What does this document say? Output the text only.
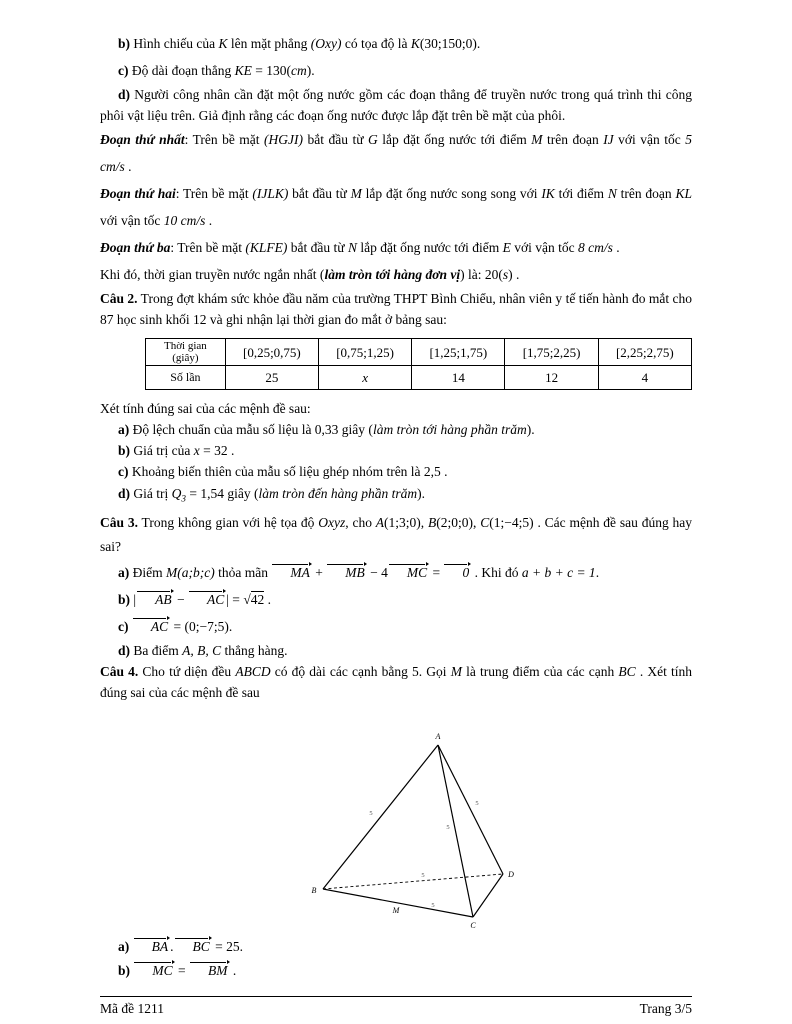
b) Hình chiếu của K lên mặt phẳng (Oxy) có tọa độ là K(30;150;0).

c) Độ dài đoạn thẳng KE = 130(cm).

d) Người công nhân cần đặt một ống nước gồm các đoạn thẳng để truyền nước trong quá trình thi công phôi vật liệu trên. Giả định rằng các đoạn ống nước được lắp đặt trên bề mặt của phôi.

Đoạn thứ nhất: Trên bề mặt (HGJI) bắt đầu từ G lắp đặt ống nước tới điểm M trên đoạn IJ với vận tốc 5 cm/s .

Đoạn thứ hai: Trên bề mặt (IJLK) bắt đầu từ M lắp đặt ống nước song song với IK tới điểm N trên đoạn KL với vận tốc 10 cm/s .

Đoạn thứ ba: Trên bề mặt (KLFE) bắt đầu từ N lắp đặt ống nước tới điểm E với vận tốc 8 cm/s .

Khi đó, thời gian truyền nước ngắn nhất (làm tròn tới hàng đơn vị) là: 20(s) .

Câu 2. Trong đợt khám sức khỏe đầu năm của trường THPT Bình Chiểu, nhân viên y tế tiến hành đo mắt cho 87 học sinh khối 12 và ghi nhận lại thời gian đo mắt ở bảng sau:

Thời gian
(giây)	[0,25;0,75)	[0,75;1,25)	[1,25;1,75)	[1,75;2,25)	[2,25;2,75)
Số lần	25	x	14	12	4

Xét tính đúng sai của các mệnh đề sau:

a) Độ lệch chuẩn của mẫu số liệu là 0,33 giây (làm tròn tới hàng phần trăm).

b) Giá trị của x = 32 .

c) Khoảng biến thiên của mẫu số liệu ghép nhóm trên là 2,5 .

d) Giá trị $Q_3 = 1,54$ giây (làm tròn đến hàng phần trăm).

Câu 3. Trong không gian với hệ tọa độ Oxyz, cho A(1;3;0), B(2;0;0), C(1;−4;5) . Các mệnh đề sau đúng hay sai?

a) Điểm M(a;b;c) thỏa mãn MA + MB − 4 MC = 0 . Khi đó a + b + c = 1.

b) | AB − AC | = √42 .

c) AC = (0;−7;5).

d) Ba điểm A, B, C thẳng hàng.

Câu 4. Cho tứ diện đều ABCD có độ dài các cạnh bằng 5. Gọi M là trung điểm của các cạnh BC . Xét tính đúng sai của các mệnh đề sau

A
B
C
D
M
5
5
5
5
5

a) BA . BC = 25.

b) MC = BM .

Mã đề 1211	Trang 3/5
